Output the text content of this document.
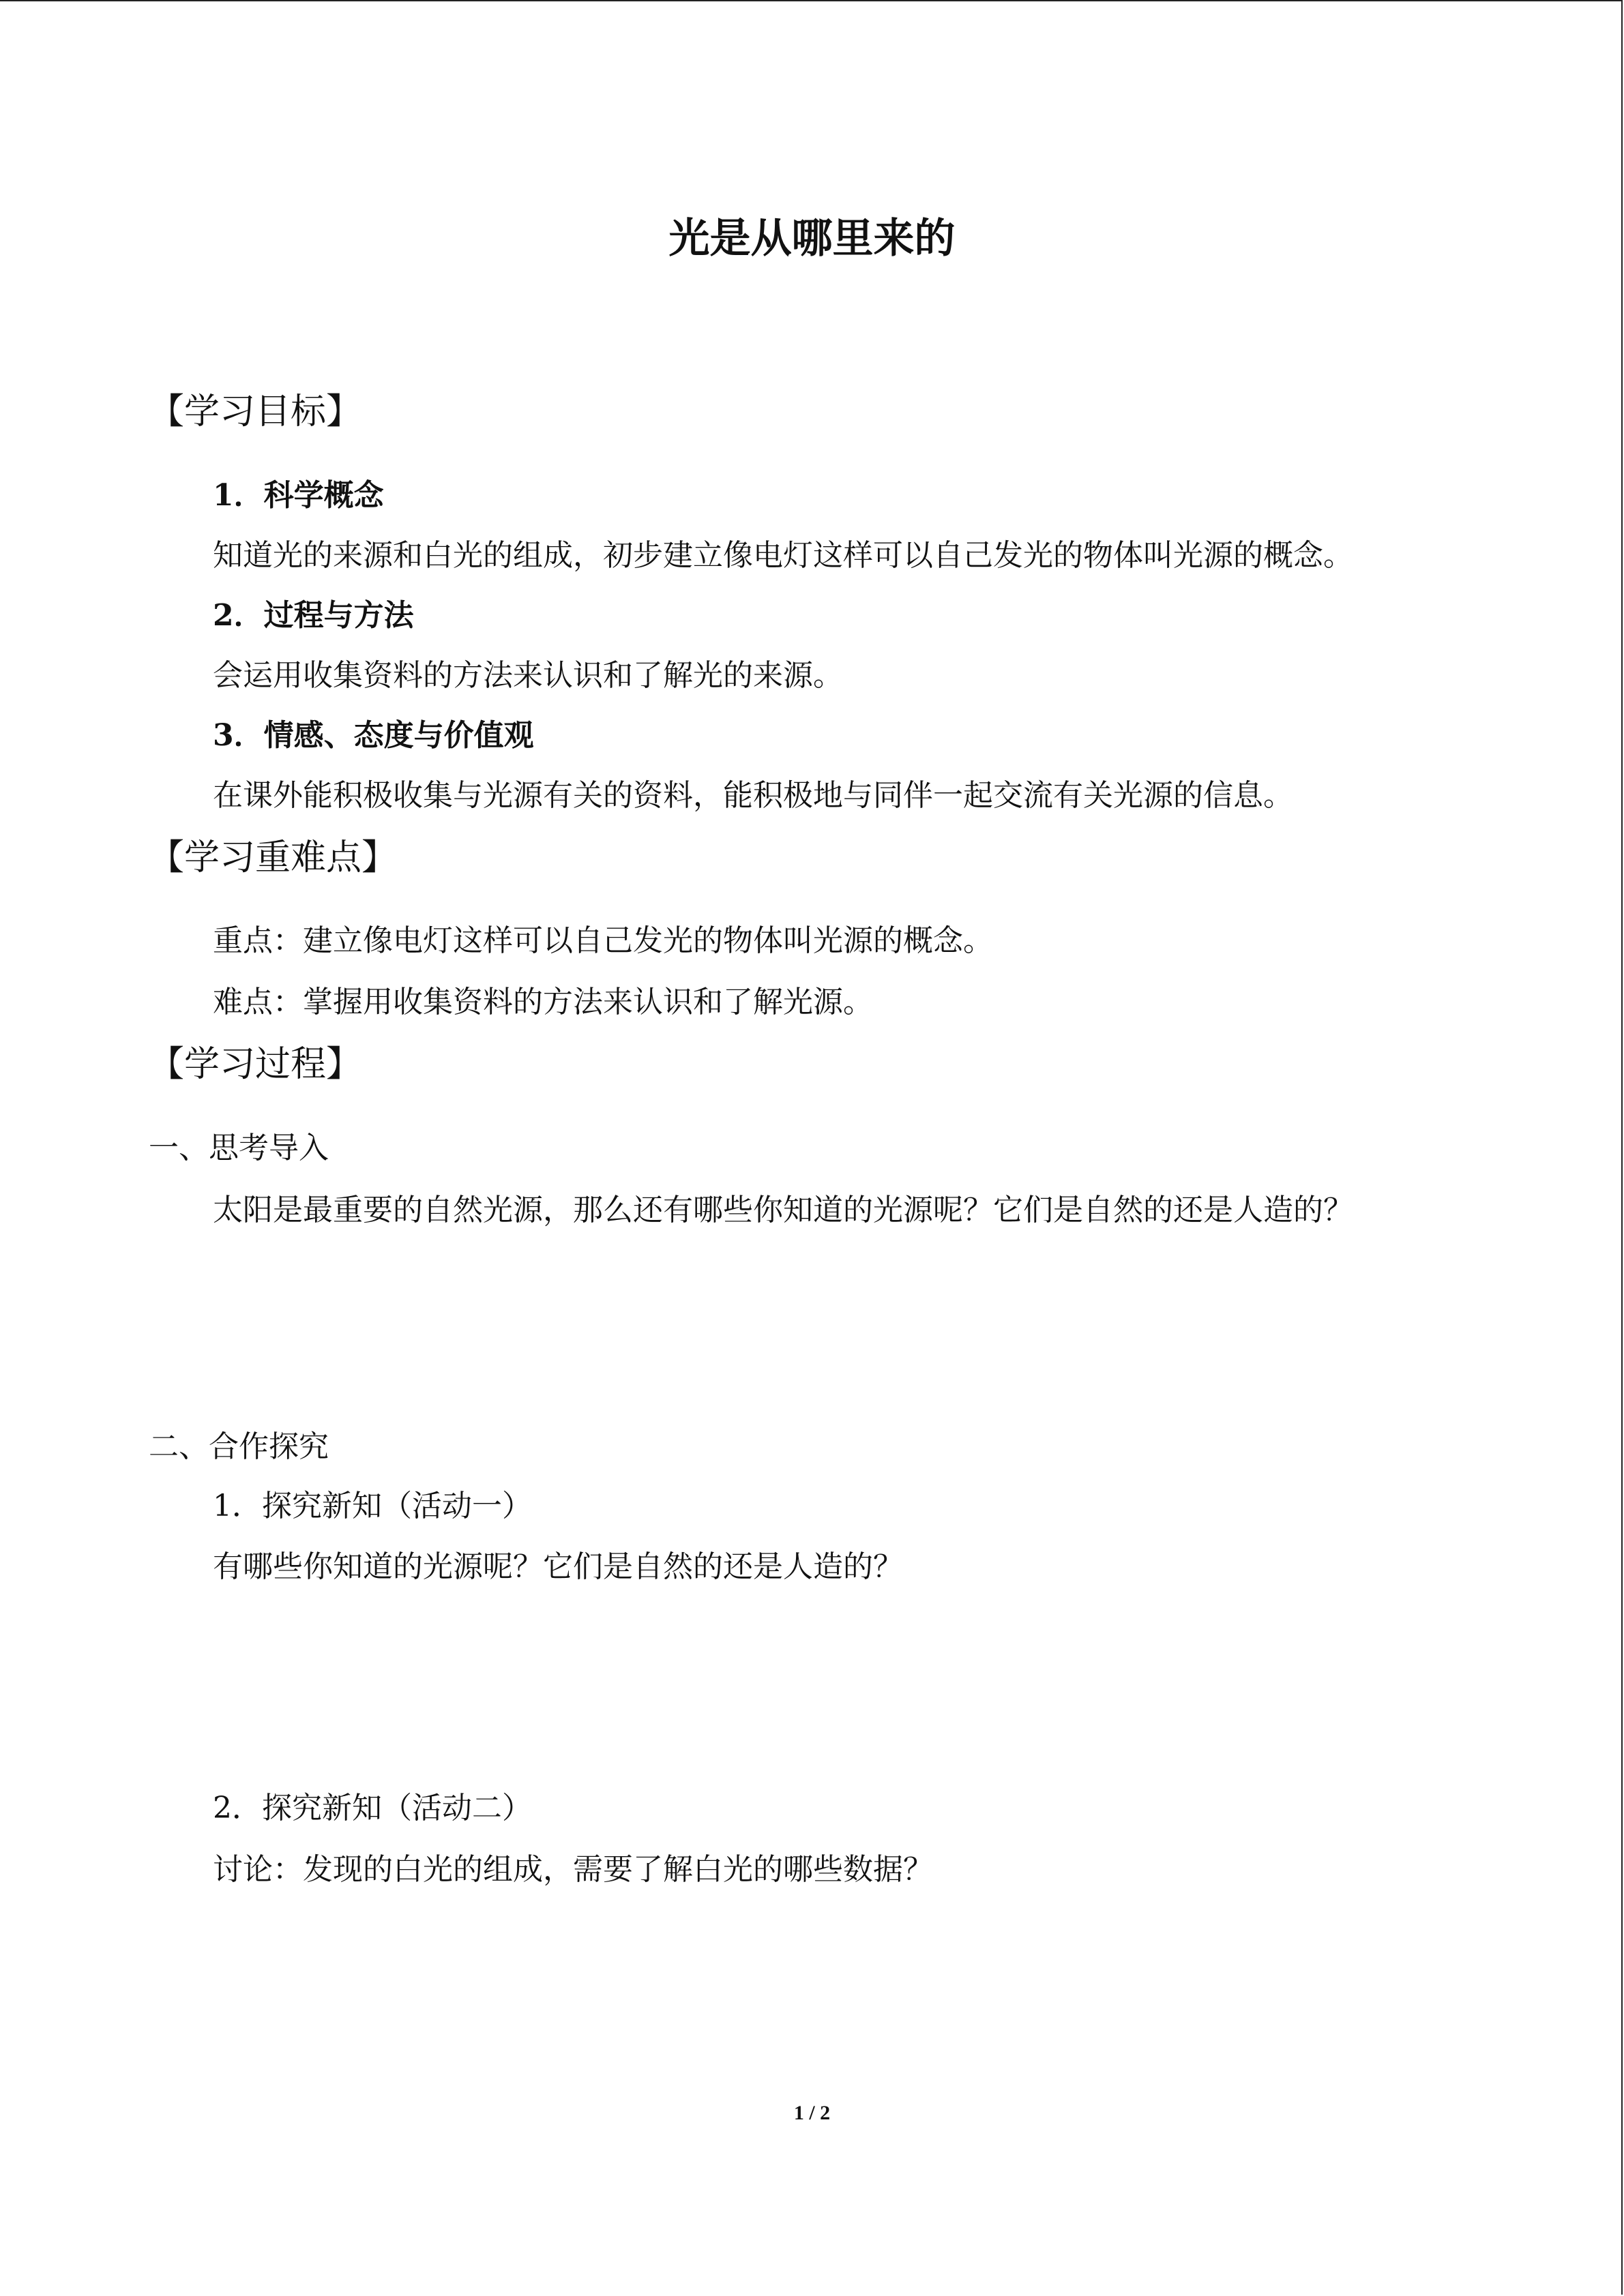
光是从哪里来的
【学习目标】
1．科学概念
知道光的来源和白光的组成，初步建立像电灯这样可以自己发光的物体叫光源的概念。
2．过程与方法
会运用收集资料的方法来认识和了解光的来源。
3．情感、态度与价值观
在课外能积极收集与光源有关的资料，能积极地与同伴一起交流有关光源的信息。
【学习重难点】
重点：建立像电灯这样可以自己发光的物体叫光源的概念。
难点：掌握用收集资料的方法来认识和了解光源。
【学习过程】
一、思考导入
太阳是最重要的自然光源，那么还有哪些你知道的光源呢？它们是自然的还是人造的？
二、合作探究
1．探究新知（活动一）
有哪些你知道的光源呢？它们是自然的还是人造的？
2．探究新知（活动二）
讨论：发现的白光的组成，需要了解白光的哪些数据？
1 / 2
